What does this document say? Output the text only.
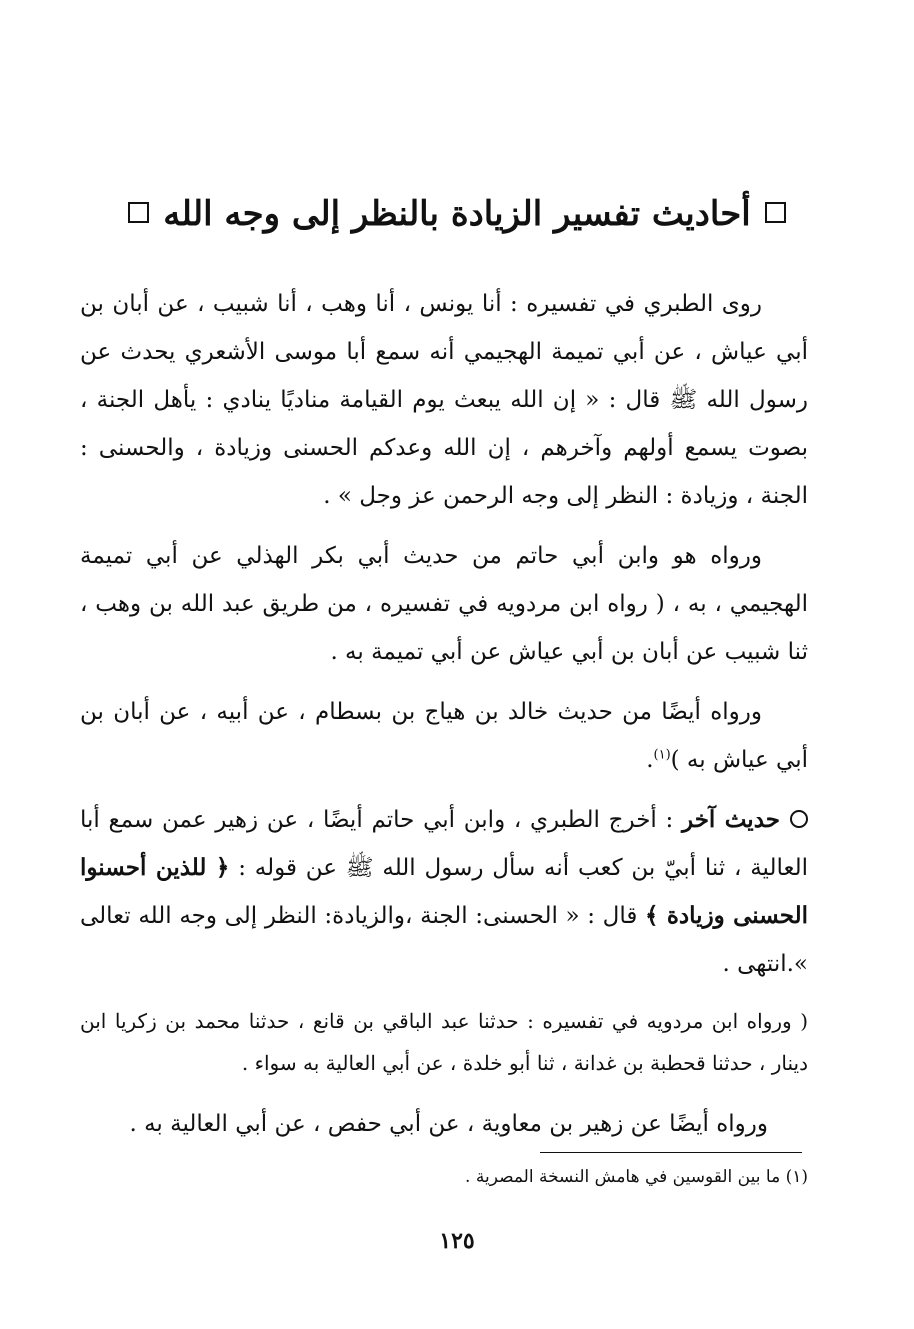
أحاديث تفسير الزيادة بالنظر إلى وجه الله

روى الطبري في تفسيره : أنا يونس ، أنا وهب ، أنا شبيب ، عن أبان بن أبي عياش ، عن أبي تميمة الهجيمي أنه سمع أبا موسى الأشعري يحدث عن رسول الله ﷺ قال : « إن الله يبعث يوم القيامة مناديًا ينادي : يأهل الجنة ، بصوت يسمع أولهم وآخرهم ، إن الله وعدكم الحسنى وزيادة ، والحسنى : الجنة ، وزيادة : النظر إلى وجه الرحمن عز وجل » .

ورواه هو وابن أبي حاتم من حديث أبي بكر الهذلي عن أبي تميمة الهجيمي ، به ، ( رواه ابن مردويه في تفسيره ، من طريق عبد الله بن وهب ، ثنا شبيب عن أبان بن أبي عياش عن أبي تميمة به .

ورواه أيضًا من حديث خالد بن هياج بن بسطام ، عن أبيه ، عن أبان بن أبي عياش به )$^{(١)}$.

حديث آخر : أخرج الطبري ، وابن أبي حاتم أيضًا ، عن زهير عمن سمع أبا العالية ، ثنا أبيّ بن كعب أنه سأل رسول الله ﷺ عن قوله : ﴿ للذين أحسنوا الحسنى وزيادة ﴾ قال : « الحسنى: الجنة ،والزيادة: النظر إلى وجه الله تعالى ».انتهى .

( ورواه ابن مردويه في تفسيره : حدثنا عبد الباقي بن قانع ، حدثنا محمد بن زكريا ابن دينار ، حدثنا قحطبة بن غدانة ، ثنا أبو خلدة ، عن أبي العالية به سواء .

ورواه أيضًا عن زهير بن معاوية ، عن أبي حفص ، عن أبي العالية به .

(١) ما بين القوسين في هامش النسخة المصرية .
١٢٥
